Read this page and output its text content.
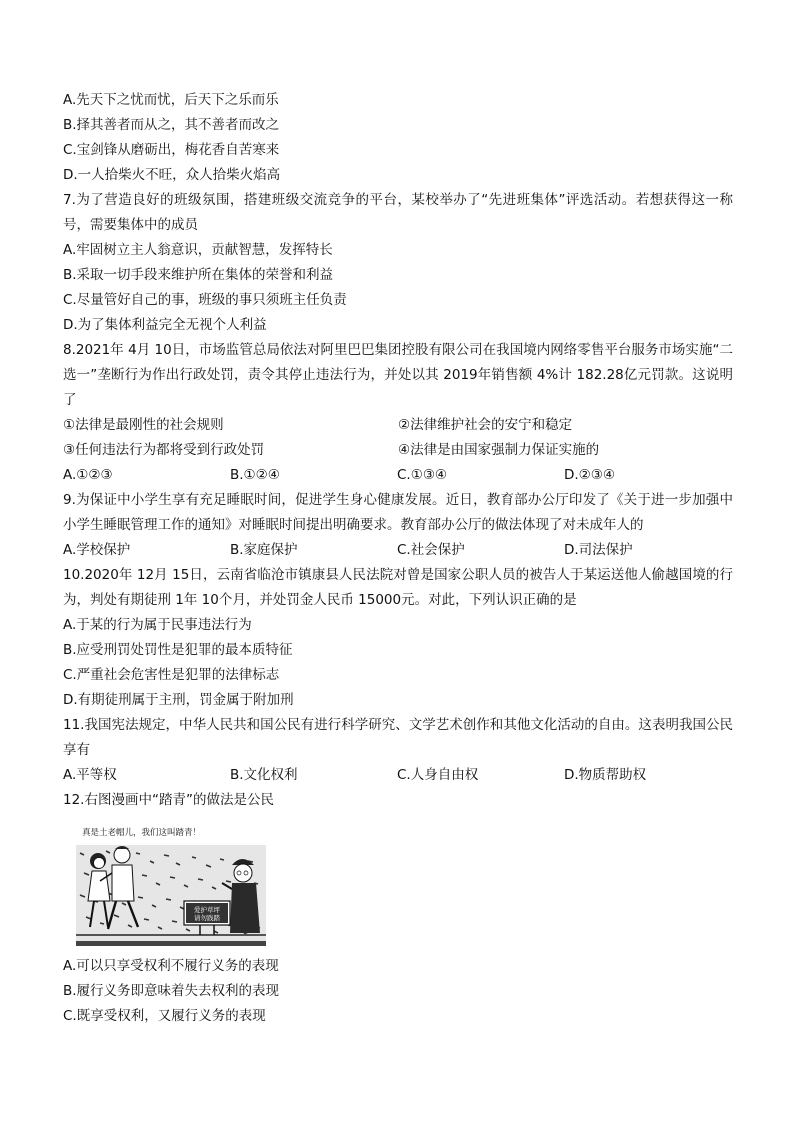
A.先天下之忧而忧，后天下之乐而乐
B.择其善者而从之，其不善者而改之
C.宝剑锋从磨砺出，梅花香自苦寒来
D.一人拾柴火不旺，众人拾柴火焰高
7.为了营造良好的班级氛围，搭建班级交流竞争的平台，某校举办了“先进班集体”评选活动。若想获得这一称号，需要集体中的成员
A.牢固树立主人翁意识，贡献智慧，发挥特长
B.采取一切手段来维护所在集体的荣誉和利益
C.尽量管好自己的事，班级的事只须班主任负责
D.为了集体利益完全无视个人利益
8.2021年 4月 10日，市场监管总局依法对阿里巴巴集团控股有限公司在我国境内网络零售平台服务市场实施“二选一”垄断行为作出行政处罚，责令其停止违法行为，并处以其 2019年销售额 4%计 182.28亿元罚款。这说明了
①法律是最刚性的社会规则	②法律维护社会的安宁和稳定
③任何违法行为都将受到行政处罚	④法律是由国家强制力保证实施的
A.①②③	B.①②④	C.①③④	D.②③④
9.为保证中小学生享有充足睡眠时间，促进学生身心健康发展。近日，教育部办公厅印发了《关于进一步加强中小学生睡眠管理工作的通知》对睡眠时间提出明确要求。教育部办公厅的做法体现了对未成年人的
A.学校保护	B.家庭保护	C.社会保护	D.司法保护
10.2020年 12月 15日，云南省临沧市镇康县人民法院对曾是国家公职人员的被告人于某运送他人偷越国境的行为，判处有期徒刑 1年 10个月，并处罚金人民币 15000元。对此，下列认识正确的是
A.于某的行为属于民事违法行为
B.应受刑罚处罚性是犯罪的最本质特征
C.严重社会危害性是犯罪的法律标志
D.有期徒刑属于主刑，罚金属于附加刑
11.我国宪法规定，中华人民共和国公民有进行科学研究、文学艺术创作和其他文化活动的自由。这表明我国公民享有
A.平等权	B.文化权利	C.人身自由权	D.物质帮助权
12.右图漫画中“踏青”的做法是公民
真是土老帽儿，我们这叫踏青！
爱护草坪
请勿践踏
A.可以只享受权利不履行义务的表现
B.履行义务即意味着失去权利的表现
C.既享受权利，又履行义务的表现
